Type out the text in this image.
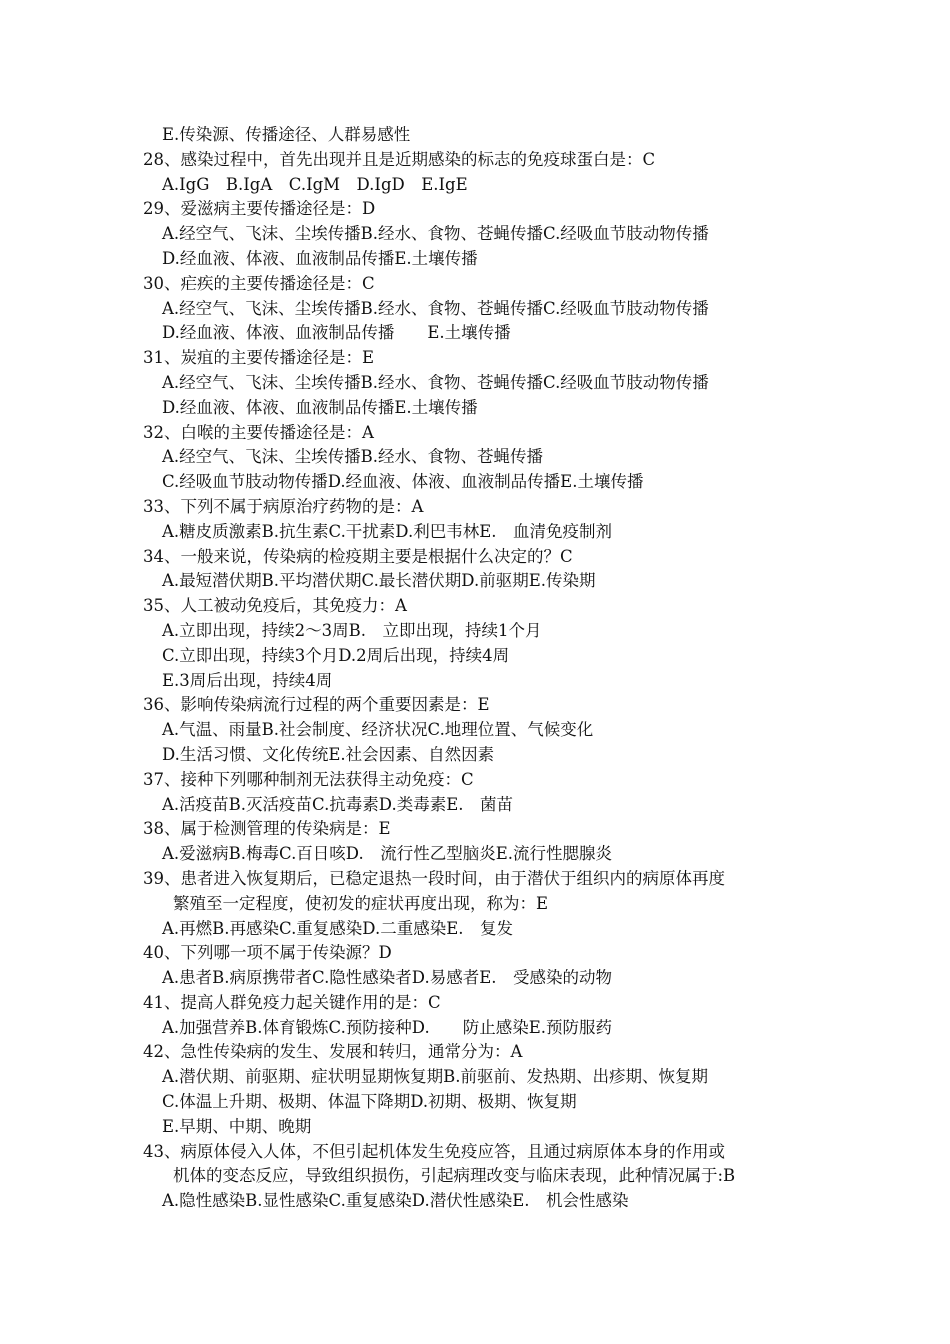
E.传染源、传播途径、人群易感性
28、感染过程中，首先出现并且是近期感染的标志的免疫球蛋白是：C
A.IgG　B.IgA　C.IgM　D.IgD　E.IgE
29、爱滋病主要传播途径是：D
A.经空气、飞沫、尘埃传播B.经水、食物、苍蝇传播C.经吸血节肢动物传播
D.经血液、体液、血液制品传播E.土壤传播
30、疟疾的主要传播途径是：C
A.经空气、飞沫、尘埃传播B.经水、食物、苍蝇传播C.经吸血节肢动物传播
D.经血液、体液、血液制品传播　　E.土壤传播
31、炭疽的主要传播途径是：E
A.经空气、飞沫、尘埃传播B.经水、食物、苍蝇传播C.经吸血节肢动物传播
D.经血液、体液、血液制品传播E.土壤传播
32、白喉的主要传播途径是：A
A.经空气、飞沫、尘埃传播B.经水、食物、苍蝇传播
C.经吸血节肢动物传播D.经血液、体液、血液制品传播E.土壤传播
33、下列不属于病原治疗药物的是：A
A.糖皮质激素B.抗生素C.干扰素D.利巴韦林E.　血清免疫制剂
34、一般来说，传染病的检疫期主要是根据什么决定的？C
A.最短潜伏期B.平均潜伏期C.最长潜伏期D.前驱期E.传染期
35、人工被动免疫后，其免疫力：A
A.立即出现，持续2～3周B.　立即出现，持续1个月
C.立即出现，持续3个月D.2周后出现，持续4周
E.3周后出现，持续4周
36、影响传染病流行过程的两个重要因素是：E
A.气温、雨量B.社会制度、经济状况C.地理位置、气候变化
D.生活习惯、文化传统E.社会因素、自然因素
37、接种下列哪种制剂无法获得主动免疫：C
A.活疫苗B.灭活疫苗C.抗毒素D.类毒素E.　菌苗
38、属于检测管理的传染病是：E
A.爱滋病B.梅毒C.百日咳D.　流行性乙型脑炎E.流行性腮腺炎
39、患者进入恢复期后，已稳定退热一段时间，由于潜伏于组织内的病原体再度
繁殖至一定程度，使初发的症状再度出现，称为：E
A.再燃B.再感染C.重复感染D.二重感染E.　复发
40、下列哪一项不属于传染源？D
A.患者B.病原携带者C.隐性感染者D.易感者E.　受感染的动物
41、提高人群免疫力起关键作用的是：C
A.加强营养B.体育锻炼C.预防接种D.　　防止感染E.预防服药
42、急性传染病的发生、发展和转归，通常分为：A
A.潜伏期、前驱期、症状明显期恢复期B.前驱前、发热期、出疹期、恢复期
C.体温上升期、极期、体温下降期D.初期、极期、恢复期
E.早期、中期、晚期
43、病原体侵入人体，不但引起机体发生免疫应答，且通过病原体本身的作用或
机体的变态反应，导致组织损伤，引起病理改变与临床表现，此种情况属于:B
A.隐性感染B.显性感染C.重复感染D.潜伏性感染E.　机会性感染
